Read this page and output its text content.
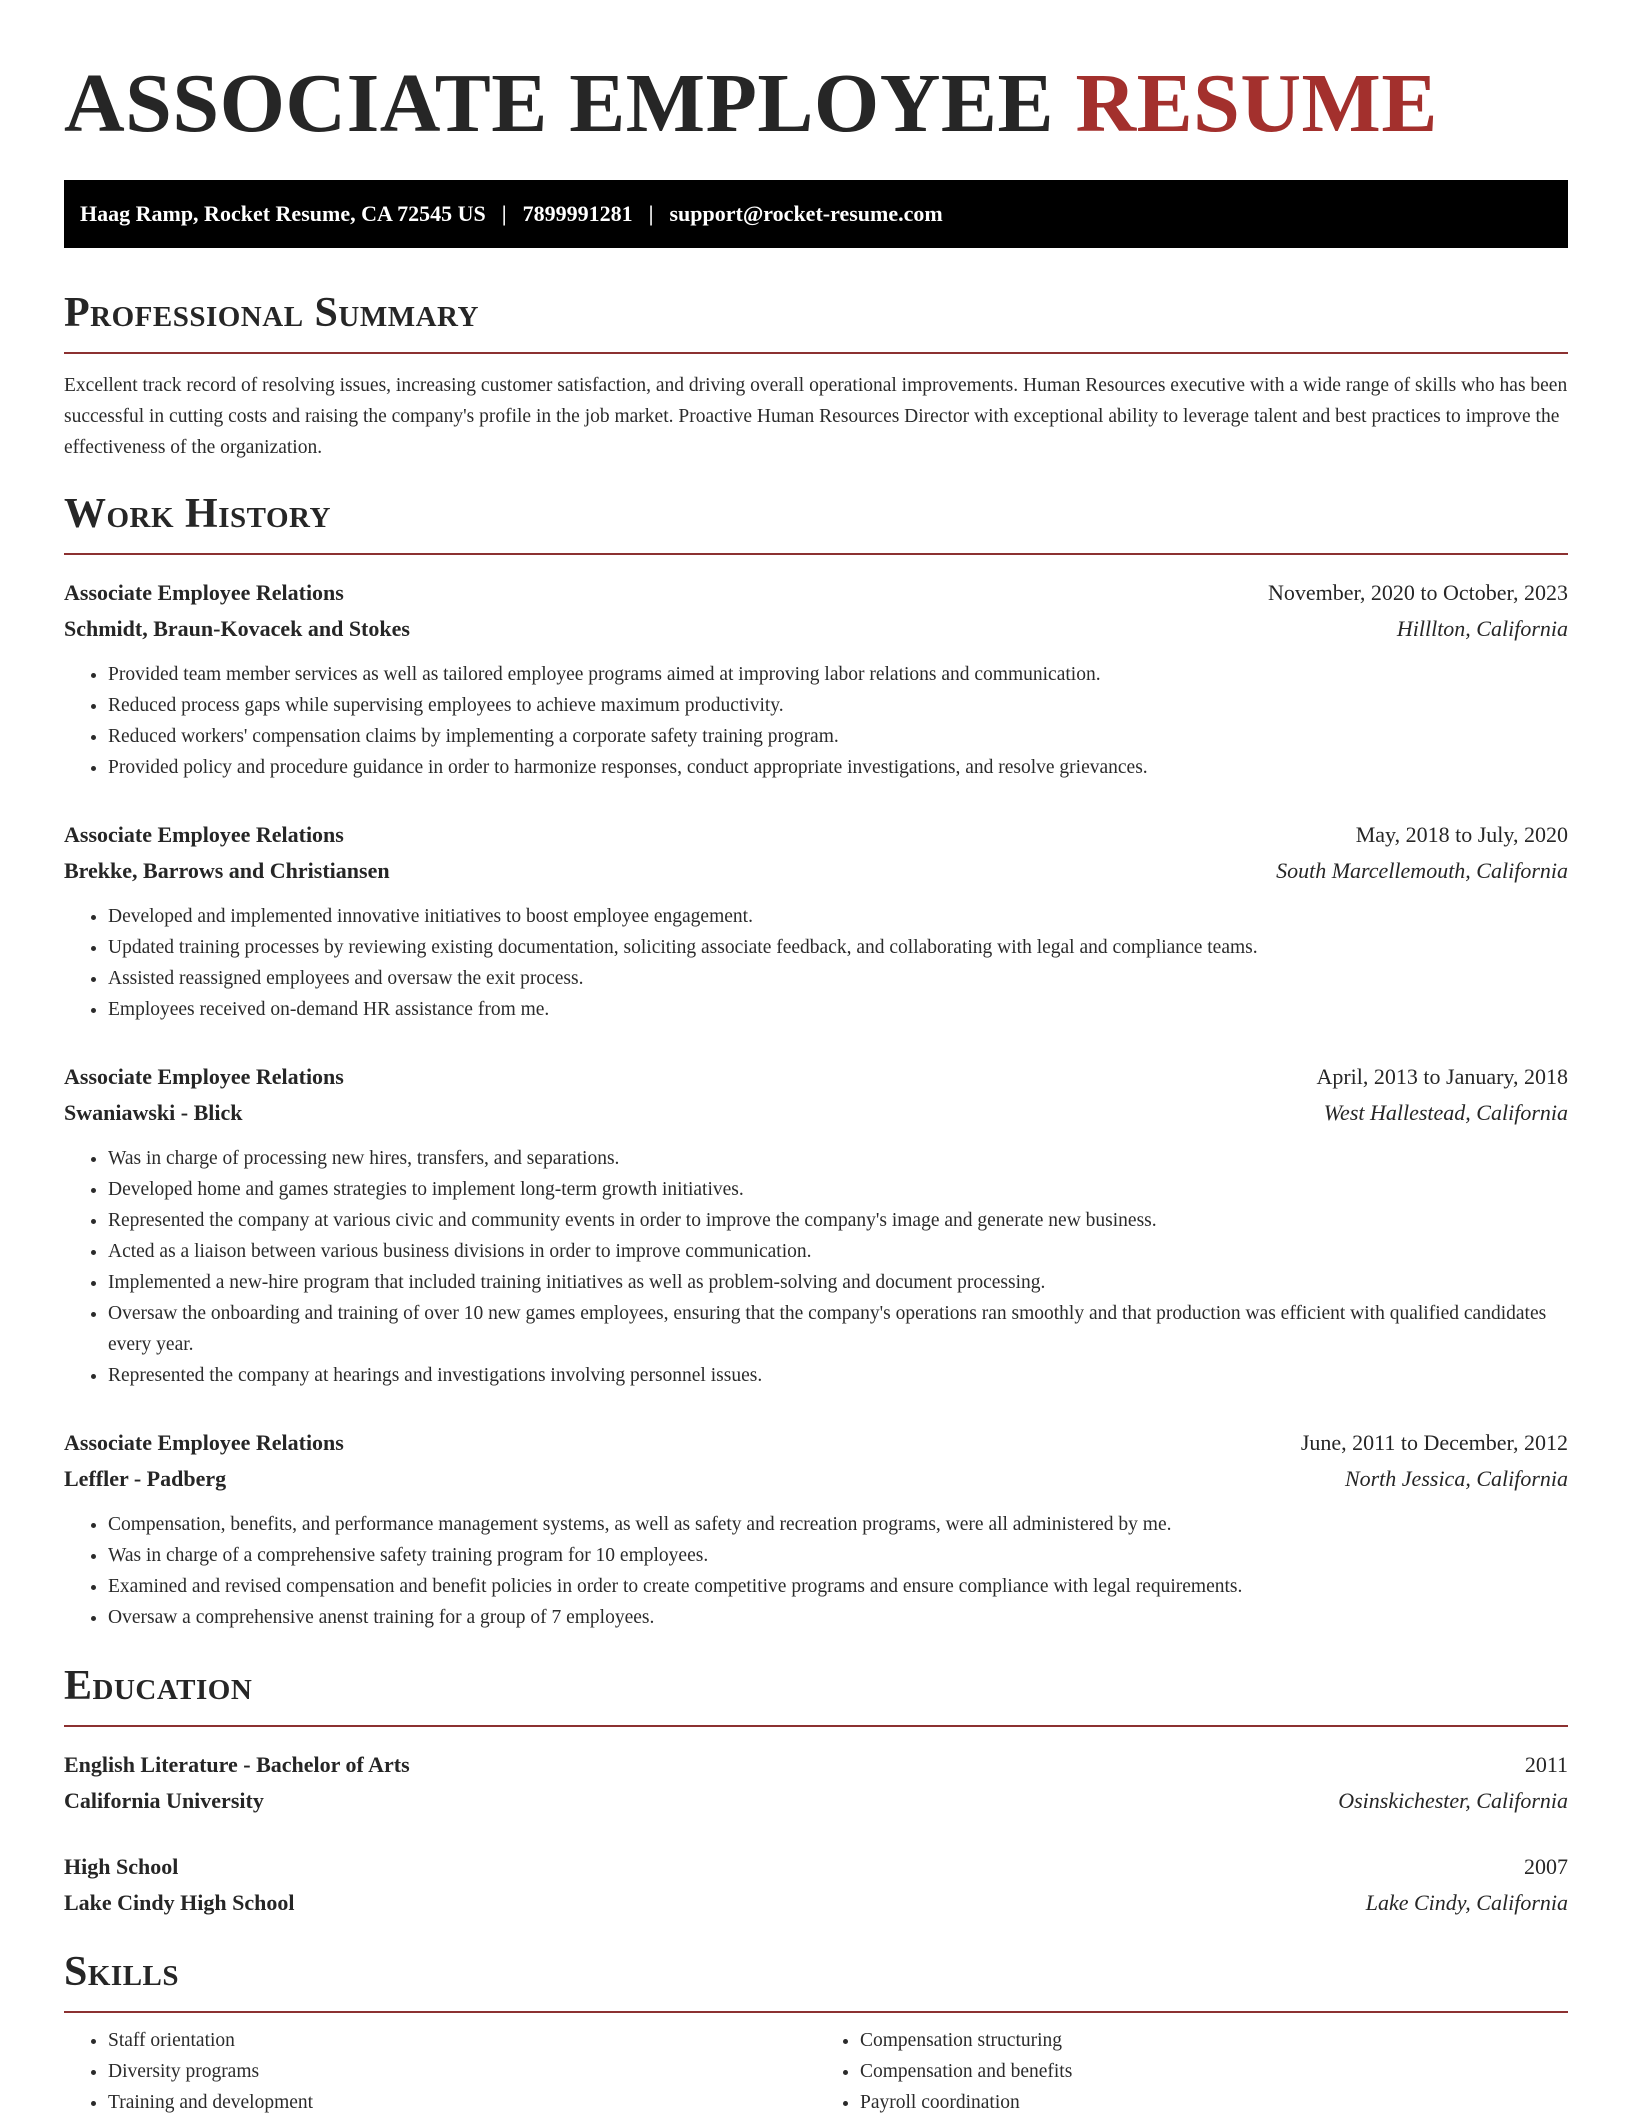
ASSOCIATE EMPLOYEE RESUME
Haag Ramp, Rocket Resume, CA 72545 US | 7899991281 | support@rocket-resume.com
Professional Summary

Excellent track record of resolving issues, increasing customer satisfaction, and driving overall operational improvements. Human Resources executive with a wide range of skills who has been successful in cutting costs and raising the company's profile in the job market. Proactive Human Resources Director with exceptional ability to leverage talent and best practices to improve the effectiveness of the organization.

Work History
Associate Employee Relations	November, 2020 to October, 2023
Schmidt, Braun-Kovacek and Stokes	Hilllton, California
• Provided team member services as well as tailored employee programs aimed at improving labor relations and communication.
• Reduced process gaps while supervising employees to achieve maximum productivity.
• Reduced workers' compensation claims by implementing a corporate safety training program.
• Provided policy and procedure guidance in order to harmonize responses, conduct appropriate investigations, and resolve grievances.
Associate Employee Relations	May, 2018 to July, 2020
Brekke, Barrows and Christiansen	South Marcellemouth, California
• Developed and implemented innovative initiatives to boost employee engagement.
• Updated training processes by reviewing existing documentation, soliciting associate feedback, and collaborating with legal and compliance teams.
• Assisted reassigned employees and oversaw the exit process.
• Employees received on-demand HR assistance from me.
Associate Employee Relations	April, 2013 to January, 2018
Swaniawski - Blick	West Hallestead, California
• Was in charge of processing new hires, transfers, and separations.
• Developed home and games strategies to implement long-term growth initiatives.
• Represented the company at various civic and community events in order to improve the company's image and generate new business.
• Acted as a liaison between various business divisions in order to improve communication.
• Implemented a new-hire program that included training initiatives as well as problem-solving and document processing.
• Oversaw the onboarding and training of over 10 new games employees, ensuring that the company's operations ran smoothly and that production was efficient with qualified candidates every year.
• Represented the company at hearings and investigations involving personnel issues.
Associate Employee Relations	June, 2011 to December, 2012
Leffler - Padberg	North Jessica, California
• Compensation, benefits, and performance management systems, as well as safety and recreation programs, were all administered by me.
• Was in charge of a comprehensive safety training program for 10 employees.
• Examined and revised compensation and benefit policies in order to create competitive programs and ensure compliance with legal requirements.
• Oversaw a comprehensive anenst training for a group of 7 employees.
Education
English Literature - Bachelor of Arts	2011
California University	Osinskichester, California
High School	2007
Lake Cindy High School	Lake Cindy, California
Skills
• Staff orientation
• Diversity programs
• Training and development
• Compensation structuring
• Compensation and benefits
• Payroll coordination
